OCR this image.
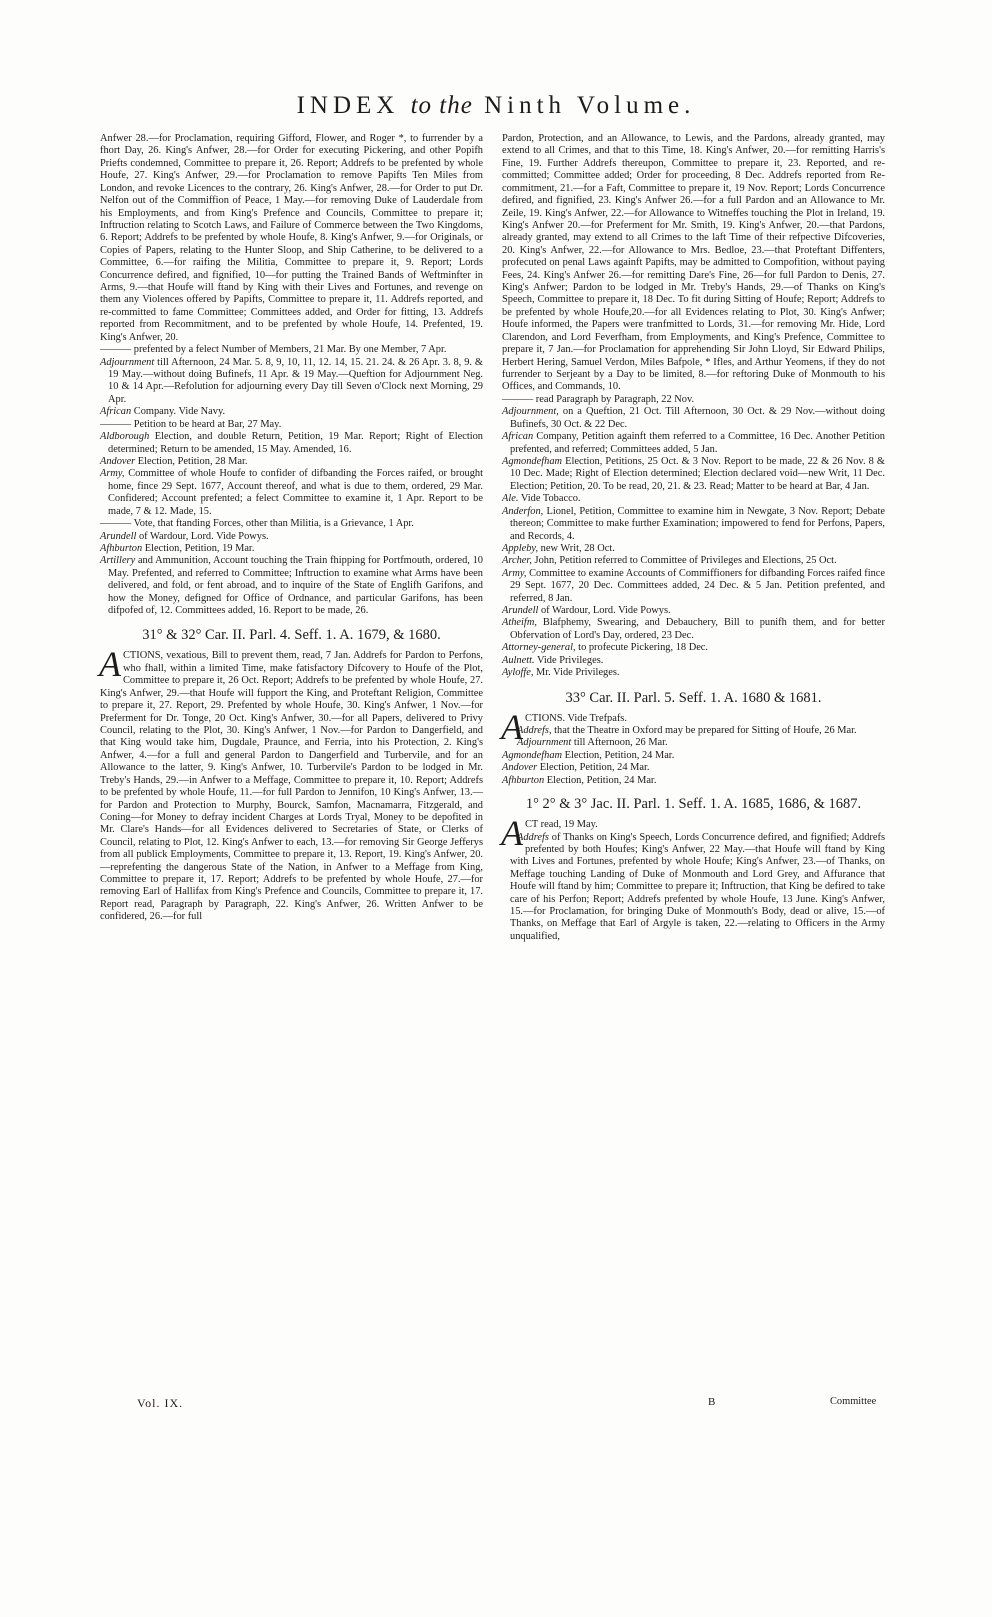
INDEX to the Ninth Volume.

Anfwer 28.—for Proclamation, requiring Gifford, Flower, and Roger *, to furrender by a fhort Day, 26. King's Anfwer, 28.—for Order for executing Pickering, and other Popifh Priefts condemned, Committee to prepare it, 26. Report; Addrefs to be prefented by whole Houfe, 27. King's Anfwer, 29.—for Proclamation to remove Papifts Ten Miles from London, and revoke Licences to the contrary, 26. King's Anfwer, 28.—for Order to put Dr. Nelfon out of the Commiffion of Peace, 1 May.—for removing Duke of Lauderdale from his Employments, and from King's Prefence and Councils, Committee to prepare it; Inftruction relating to Scotch Laws, and Failure of Commerce between the Two Kingdoms, 6. Report; Addrefs to be prefented by whole Houfe, 8. King's Anfwer, 9.—for Originals, or Copies of Papers, relating to the Hunter Sloop, and Ship Catherine, to be delivered to a Committee, 6.—for raifing the Militia, Committee to prepare it, 9. Report; Lords Concurrence defired, and fignified, 10—for putting the Trained Bands of Weftminfter in Arms, 9.—that Houfe will ftand by King with their Lives and Fortunes, and revenge on them any Violences offered by Papifts, Committee to prepare it, 11. Addrefs reported, and re-committed to fame Committee; Committees added, and Order for fitting, 13. Addrefs reported from Recommitment, and to be prefented by whole Houfe, 14. Prefented, 19. King's Anfwer, 20.

——— prefented by a felect Number of Members, 21 Mar. By one Member, 7 Apr.

Adjournment till Afternoon, 24 Mar. 5. 8, 9, 10, 11, 12. 14, 15. 21. 24. & 26 Apr. 3. 8, 9. & 19 May.—without doing Bufinefs, 11 Apr. & 19 May.—Queftion for Adjournment Neg. 10 & 14 Apr.—Refolution for adjourning every Day till Seven o'Clock next Morning, 29 Apr.

African Company. Vide Navy.

——— Petition to be heard at Bar, 27 May.

Aldborough Election, and double Return, Petition, 19 Mar. Report; Right of Election determined; Return to be amended, 15 May. Amended, 16.

Andover Election, Petition, 28 Mar.

Army, Committee of whole Houfe to confider of difbanding the Forces raifed, or brought home, fince 29 Sept. 1677, Account thereof, and what is due to them, ordered, 29 Mar. Confidered; Account prefented; a felect Committee to examine it, 1 Apr. Report to be made, 7 & 12. Made, 15.

——— Vote, that ftanding Forces, other than Militia, is a Grievance, 1 Apr.

Arundell of Wardour, Lord. Vide Powys.

Afhburton Election, Petition, 19 Mar.

Artillery and Ammunition, Account touching the Train fhipping for Portfmouth, ordered, 10 May. Prefented, and referred to Committee; Inftruction to examine what Arms have been delivered, and fold, or fent abroad, and to inquire of the State of Englifh Garifons, and how the Money, defigned for Office of Ordnance, and particular Garifons, has been difpofed of, 12. Committees added, 16. Report to be made, 26.

31° & 32° Car. II. Parl. 4. Seff. 1. A. 1679, & 1680.

ACTIONS, vexatious, Bill to prevent them, read, 7 Jan. Addrefs for Pardon to Perfons, who fhall, within a limited Time, make fatisfactory Difcovery to Houfe of the Plot, Committee to prepare it, 26 Oct. Report; Addrefs to be prefented by whole Houfe, 27. King's Anfwer, 29.—that Houfe will fupport the King, and Proteftant Religion, Committee to prepare it, 27. Report, 29. Prefented by whole Houfe, 30. King's Anfwer, 1 Nov.—for Preferment for Dr. Tonge, 20 Oct. King's Anfwer, 30.—for all Papers, delivered to Privy Council, relating to the Plot, 30. King's Anfwer, 1 Nov.—for Pardon to Dangerfield, and that King would take him, Dugdale, Praunce, and Ferria, into his Protection, 2. King's Anfwer, 4.—for a full and general Pardon to Dangerfield and Turbervile, and for an Allowance to the latter, 9. King's Anfwer, 10. Turbervile's Pardon to be lodged in Mr. Treby's Hands, 29.—in Anfwer to a Meffage, Committee to prepare it, 10. Report; Addrefs to be prefented by whole Houfe, 11.—for full Pardon to Jennifon, 10 King's Anfwer, 13.—for Pardon and Protection to Murphy, Bourck, Samfon, Macnamarra, Fitzgerald, and Coning—for Money to defray incident Charges at Lords Tryal, Money to be depofited in Mr. Clare's Hands—for all Evidences delivered to Secretaries of State, or Clerks of Council, relating to Plot, 12. King's Anfwer to each, 13.—for removing Sir George Jefferys from all publick Employments, Committee to prepare it, 13. Report, 19. King's Anfwer, 20.—reprefenting the dangerous State of the Nation, in Anfwer to a Meffage from King, Committee to prepare it, 17. Report; Addrefs to be prefented by whole Houfe, 27.—for removing Earl of Hallifax from King's Prefence and Councils, Committee to prepare it, 17. Report read, Paragraph by Paragraph, 22. King's Anfwer, 26. Written Anfwer to be confidered, 26.—for full

Pardon, Protection, and an Allowance, to Lewis, and the Pardons, already granted, may extend to all Crimes, and that to this Time, 18. King's Anfwer, 20.—for remitting Harris's Fine, 19. Further Addrefs thereupon, Committee to prepare it, 23. Reported, and re-committed; Committee added; Order for proceeding, 8 Dec. Addrefs reported from Re-commitment, 21.—for a Faft, Committee to prepare it, 19 Nov. Report; Lords Concurrence defired, and fignified, 23. King's Anfwer 26.—for a full Pardon and an Allowance to Mr. Zeile, 19. King's Anfwer, 22.—for Allowance to Witneffes touching the Plot in Ireland, 19. King's Anfwer 20.—for Preferment for Mr. Smith, 19. King's Anfwer, 20.—that Pardons, already granted, may extend to all Crimes to the laft Time of their refpective Difcoveries, 20. King's Anfwer, 22.—for Allowance to Mrs. Bedloe, 23.—that Proteftant Diffenters, profecuted on penal Laws againft Papifts, may be admitted to Compofition, without paying Fees, 24. King's Anfwer 26.—for remitting Dare's Fine, 26—for full Pardon to Denis, 27. King's Anfwer; Pardon to be lodged in Mr. Treby's Hands, 29.—of Thanks on King's Speech, Committee to prepare it, 18 Dec. To fit during Sitting of Houfe; Report; Addrefs to be prefented by whole Houfe,20.—for all Evidences relating to Plot, 30. King's Anfwer; Houfe informed, the Papers were tranfmitted to Lords, 31.—for removing Mr. Hide, Lord Clarendon, and Lord Feverfham, from Employments, and King's Prefence, Committee to prepare it, 7 Jan.—for Proclamation for apprehending Sir John Lloyd, Sir Edward Philips, Herbert Hering, Samuel Verdon, Miles Bafpole, * Ifles, and Arthur Yeomens, if they do not furrender to Serjeant by a Day to be limited, 8.—for reftoring Duke of Monmouth to his Offices, and Commands, 10.

——— read Paragraph by Paragraph, 22 Nov.

Adjournment, on a Queftion, 21 Oct. Till Afternoon, 30 Oct. & 29 Nov.—without doing Bufinefs, 30 Oct. & 22 Dec.

African Company, Petition againft them referred to a Committee, 16 Dec. Another Petition prefented, and referred; Committees added, 5 Jan.

Agmondefham Election, Petitions, 25 Oct. & 3 Nov. Report to be made, 22 & 26 Nov. 8 & 10 Dec. Made; Right of Election determined; Election declared void—new Writ, 11 Dec. Election; Petition, 20. To be read, 20, 21. & 23. Read; Matter to be heard at Bar, 4 Jan.

Ale. Vide Tobacco.

Anderfon, Lionel, Petition, Committee to examine him in Newgate, 3 Nov. Report; Debate thereon; Committee to make further Examination; impowered to fend for Perfons, Papers, and Records, 4.

Appleby, new Writ, 28 Oct.

Archer, John, Petition referred to Committee of Privileges and Elections, 25 Oct.

Army, Committee to examine Accounts of Commiffioners for difbanding Forces raifed fince 29 Sept. 1677, 20 Dec. Committees added, 24 Dec. & 5 Jan. Petition prefented, and referred, 8 Jan.

Arundell of Wardour, Lord. Vide Powys.

Atheifm, Blafphemy, Swearing, and Debauchery, Bill to punifh them, and for better Obfervation of Lord's Day, ordered, 23 Dec.

Attorney-general, to profecute Pickering, 18 Dec.

Aulnett. Vide Privileges.

Ayloffe, Mr. Vide Privileges.

33° Car. II. Parl. 5. Seff. 1. A. 1680 & 1681.

ACTIONS. Vide Trefpafs.

Addrefs, that the Theatre in Oxford may be prepared for Sitting of Houfe, 26 Mar.

Adjournment till Afternoon, 26 Mar.

Agmondefham Election, Petition, 24 Mar.

Andover Election, Petition, 24 Mar.

Afhburton Election, Petition, 24 Mar.

1° 2° & 3° Jac. II. Parl. 1. Seff. 1. A. 1685, 1686, & 1687.

ACT read, 19 May.

Addrefs of Thanks on King's Speech, Lords Concurrence defired, and fignified; Addrefs prefented by both Houfes; King's Anfwer, 22 May.—that Houfe will ftand by King with Lives and Fortunes, prefented by whole Houfe; King's Anfwer, 23.—of Thanks, on Meffage touching Landing of Duke of Monmouth and Lord Grey, and Affurance that Houfe will ftand by him; Committee to prepare it; Inftruction, that King be defired to take care of his Perfon; Report; Addrefs prefented by whole Houfe, 13 June. King's Anfwer, 15.—for Proclamation, for bringing Duke of Monmouth's Body, dead or alive, 15.—of Thanks, on Meffage that Earl of Argyle is taken, 22.—relating to Officers in the Army unqualified,

Vol. IX.	B	Committee
